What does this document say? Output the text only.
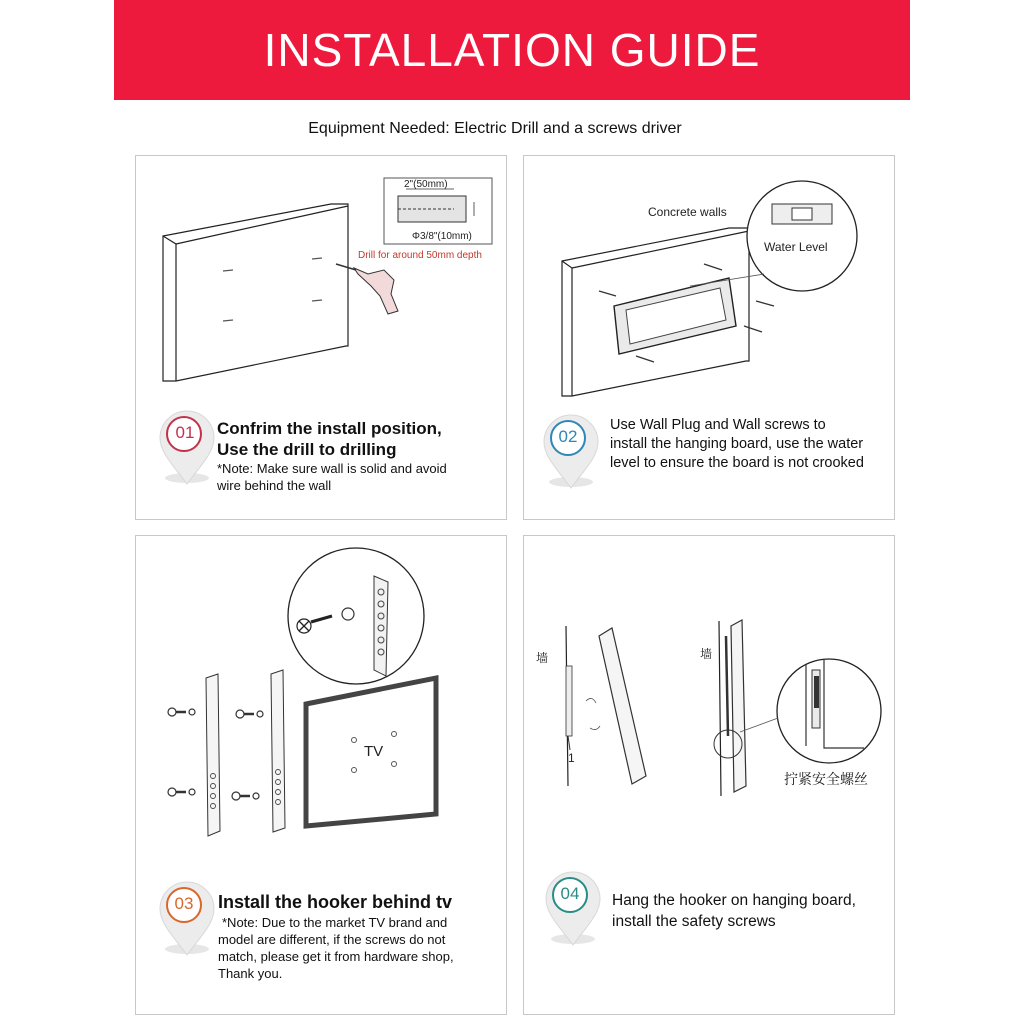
INSTALLATION GUIDE
Equipment Needed: Electric Drill and a screws driver
2"(50mm)
Φ3/8"(10mm)
Drill for around 50mm depth
01	Confrim the install position,
Use the drill to drilling
*Note: Make sure wall is solid and avoid
wire behind the wall
Concrete walls
Water Level
02
Use Wall Plug and Wall screws to
install the hanging board, use the water
level to ensure the board is not crooked
TV
03	Install the hooker behind tv
*Note: Due to the market TV brand and
model are different, if the screws do not
match, please get it from hardware shop,
Thank you.
墙	墙
1
拧紧安全螺丝
04	Hang the hooker on hanging board,
install the safety screws
